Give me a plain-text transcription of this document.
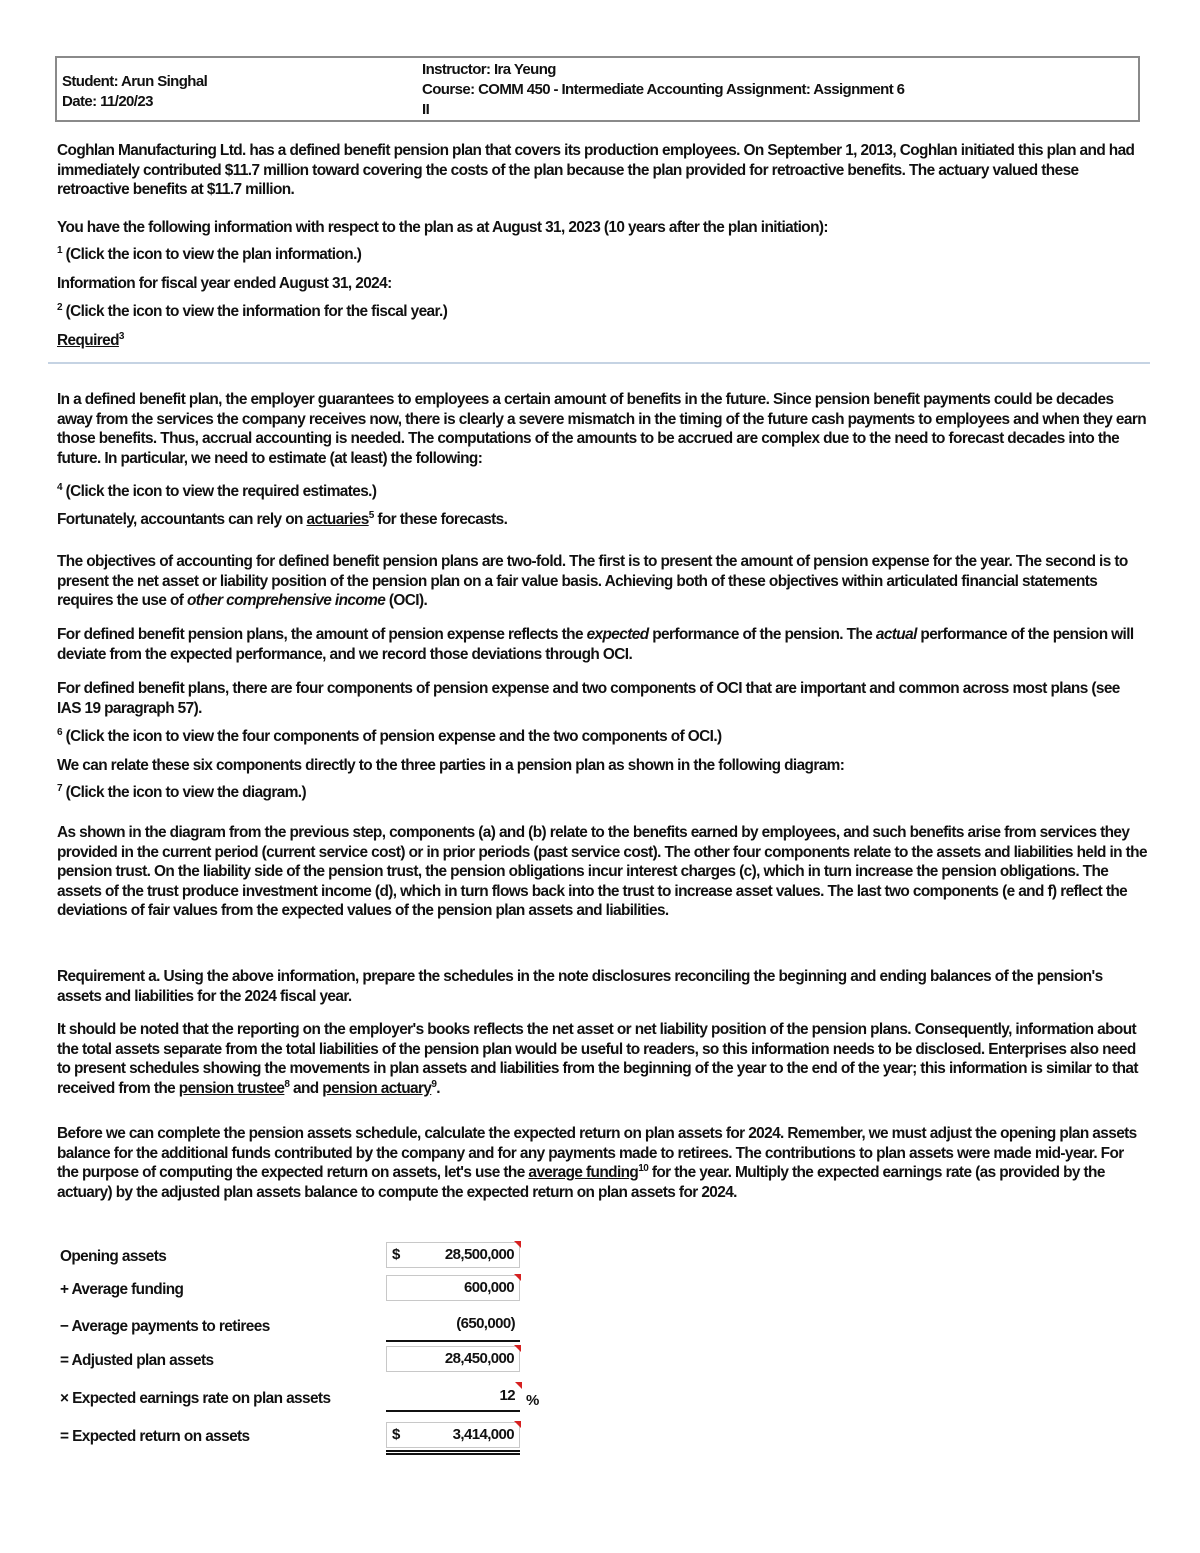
Student: Arun Singhal
Date: 11/20/23
Instructor: Ira Yeung
Course: COMM 450 - Intermediate Accounting Assignment: Assignment 6
II

Coghlan Manufacturing Ltd. has a defined benefit pension plan that covers its production employees. On September 1, 2013, Coghlan initiated this plan and had immediately contributed $11.7 million toward covering the costs of the plan because the plan provided for retroactive benefits. The actuary valued these retroactive benefits at $11.7 million.

You have the following information with respect to the plan as at August 31, 2023 (10 years after the plan initiation):

$^1$ (Click the icon to view the plan information.)

Information for fiscal year ended August 31, 2024:

$^2$ (Click the icon to view the information for the fiscal year.)

Required$^3$

In a defined benefit plan, the employer guarantees to employees a certain amount of benefits in the future. Since pension benefit payments could be decades away from the services the company receives now, there is clearly a severe mismatch in the timing of the future cash payments to employees and when they earn those benefits. Thus, accrual accounting is needed. The computations of the amounts to be accrued are complex due to the need to forecast decades into the future. In particular, we need to estimate (at least) the following:

$^4$ (Click the icon to view the required estimates.)

Fortunately, accountants can rely on actuaries$^5$ for these forecasts.

The objectives of accounting for defined benefit pension plans are two-fold. The first is to present the amount of pension expense for the year. The second is to present the net asset or liability position of the pension plan on a fair value basis. Achieving both of these objectives within articulated financial statements requires the use of other comprehensive income (OCI).

For defined benefit pension plans, the amount of pension expense reflects the expected performance of the pension. The actual performance of the pension will deviate from the expected performance, and we record those deviations through OCI.

For defined benefit plans, there are four components of pension expense and two components of OCI that are important and common across most plans (see IAS 19 paragraph 57).

$^6$ (Click the icon to view the four components of pension expense and the two components of OCI.)

We can relate these six components directly to the three parties in a pension plan as shown in the following diagram:

$^7$ (Click the icon to view the diagram.)

As shown in the diagram from the previous step, components (a) and (b) relate to the benefits earned by employees, and such benefits arise from services they provided in the current period (current service cost) or in prior periods (past service cost). The other four components relate to the assets and liabilities held in the pension trust. On the liability side of the pension trust, the pension obligations incur interest charges (c), which in turn increase the pension obligations. The assets of the trust produce investment income (d), which in turn flows back into the trust to increase asset values. The last two components (e and f) reflect the deviations of fair values from the expected values of the pension plan assets and liabilities.

Requirement a. Using the above information, prepare the schedules in the note disclosures reconciling the beginning and ending balances of the pension's assets and liabilities for the 2024 fiscal year.

It should be noted that the reporting on the employer's books reflects the net asset or net liability position of the pension plans. Consequently, information about the total assets separate from the total liabilities of the pension plan would be useful to readers, so this information needs to be disclosed. Enterprises also need to present schedules showing the movements in plan assets and liabilities from the beginning of the year to the end of the year; this information is similar to that received from the pension trustee$^8$ and pension actuary$^9$.

Before we can complete the pension assets schedule, calculate the expected return on plan assets for 2024. Remember, we must adjust the opening plan assets balance for the additional funds contributed by the company and for any payments made to retirees. The contributions to plan assets were made mid-year. For the purpose of computing the expected return on assets, let's use the average funding$^{10}$ for the year. Multiply the expected earnings rate (as provided by the actuary) by the adjusted plan assets balance to compute the expected return on plan assets for 2024.

Opening assets	$	28,500,000
+ Average funding	600,000
− Average payments to retirees	(650,000)
= Adjusted plan assets	28,450,000
× Expected earnings rate on plan assets	12 %
= Expected return on assets	$	3,414,000
